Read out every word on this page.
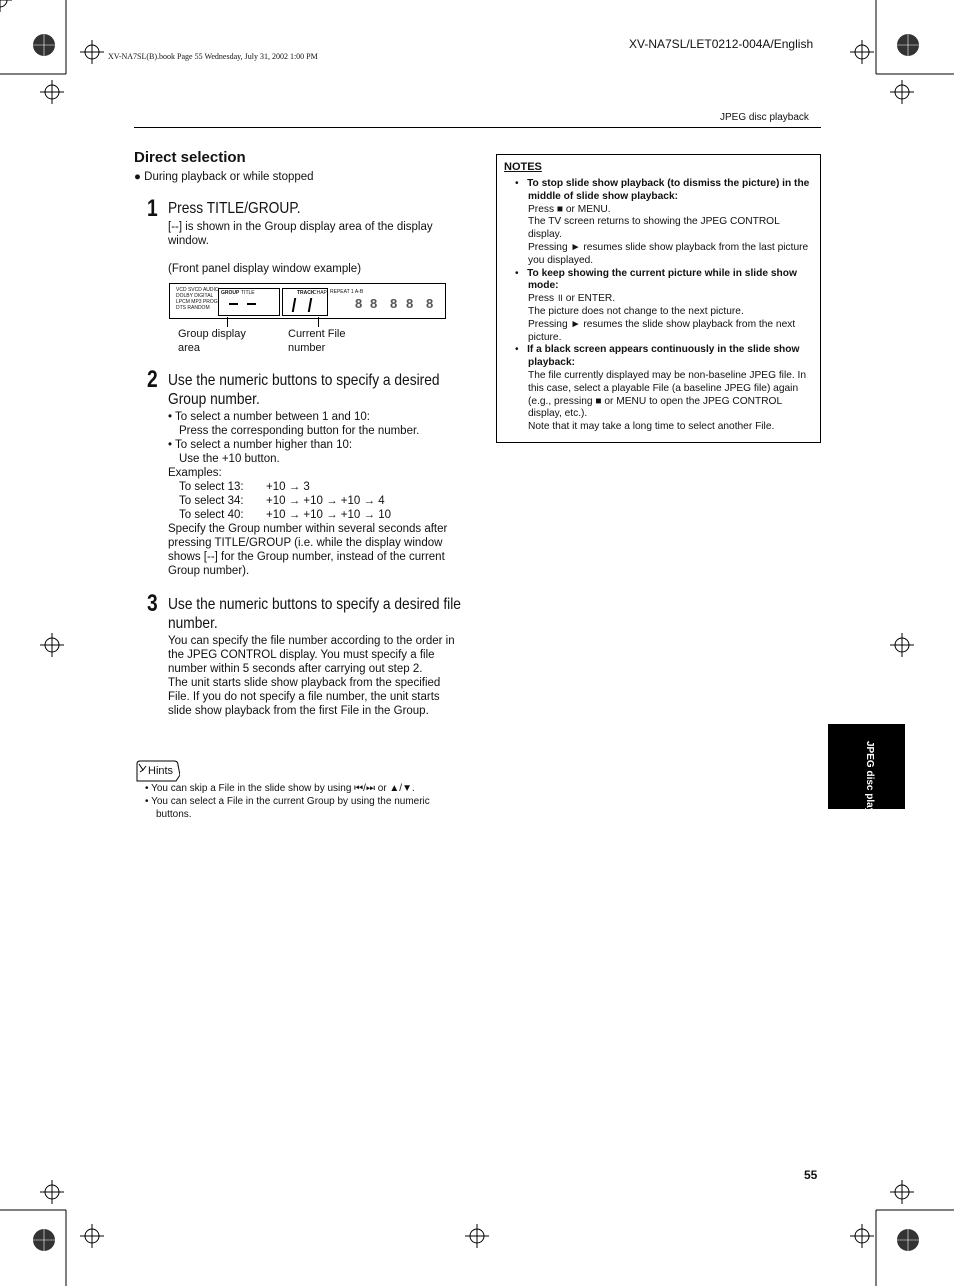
XV-NA7SL/LET0212-004A/English
XV-NA7SL(B).book Page 55 Wednesday, July 31, 2002 1:00 PM
JPEG disc playback
Direct selection
● During playback or while stopped
1 Press TITLE/GROUP.
[--] is shown in the Group display area of the display window.
(Front panel display window example)
VCD SVCD AUDIO
DOLBY DIGITAL
LPCM MP3 PROG
DTS RANDOM
GROUP TITLE	TRACK
CHAP REPEAT 1 A-B
8 8 8 8 8
Group display area
Current File number
2 Use the numeric buttons to specify a desired Group number.

• To select a number between 1 and 10:

Press the corresponding button for the number.

• To select a number higher than 10:

Use the +10 button.

Examples:

To select 13:	+10 → 3
To select 34:	+10 → +10 → +10 → 4
To select 40:	+10 → +10 → +10 → 10

Specify the Group number within several seconds after pressing TITLE/GROUP (i.e. while the display window shows [--] for the Group number, instead of the current Group number).

3 Use the numeric buttons to specify a desired file number.

You can specify the file number according to the order in the JPEG CONTROL display. You must specify a file number within 5 seconds after carrying out step 2.

The unit starts slide show playback from the specified File. If you do not specify a file number, the unit starts slide show playback from the first File in the Group.

Hints
• You can skip a File in the slide show by using ⏮/⏭ or ▲/▼.
• You can select a File in the current Group by using the numeric buttons.
NOTES
•   To stop slide show playback (to dismiss the picture) in the middle of slide show playback:
Press ■ or MENU.
The TV screen returns to showing the JPEG CONTROL display.
Pressing ► resumes slide show playback from the last picture you displayed.
•   To keep showing the current picture while in slide show mode:
Press ॥ or ENTER.
The picture does not change to the next picture.
Pressing ► resumes the slide show playback from the next picture.
•   If a black screen appears continuously in the slide show playback:
The file currently displayed may be non-baseline JPEG file. In this case, select a playable File (a baseline JPEG file) again (e.g., pressing ■ or MENU to open the JPEG CONTROL display, etc.).
Note that it may take a long time to select another File.
JPEG disc playback
55
